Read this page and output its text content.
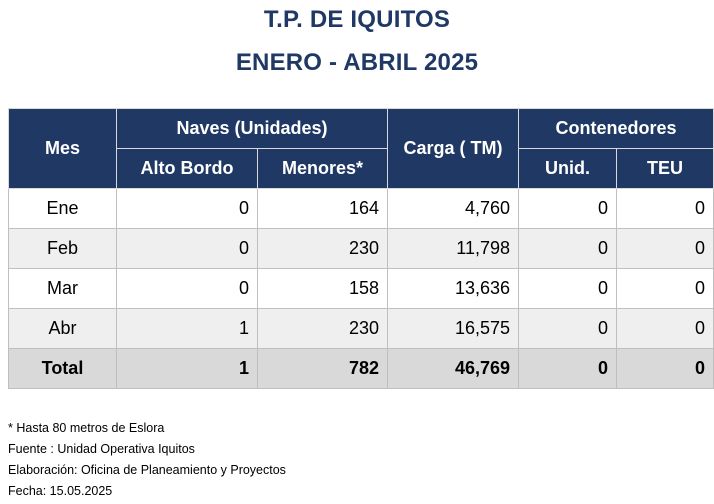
T.P. DE IQUITOS
ENERO - ABRIL 2025
Mes	Naves (Unidades)		Carga ( TM)	Contenedores	
	Alto Bordo	Menores*		Unid.	TEU
Ene	0	164	4,760	0	0
Feb	0	230	11,798	0	0
Mar	0	158	13,636	0	0
Abr	1	230	16,575	0	0
Total	1	782	46,769	0	0
* Hasta 80 metros de Eslora
Fuente : Unidad Operativa Iquitos
Elaboración: Oficina de Planeamiento y Proyectos
Fecha: 15.05.2025
